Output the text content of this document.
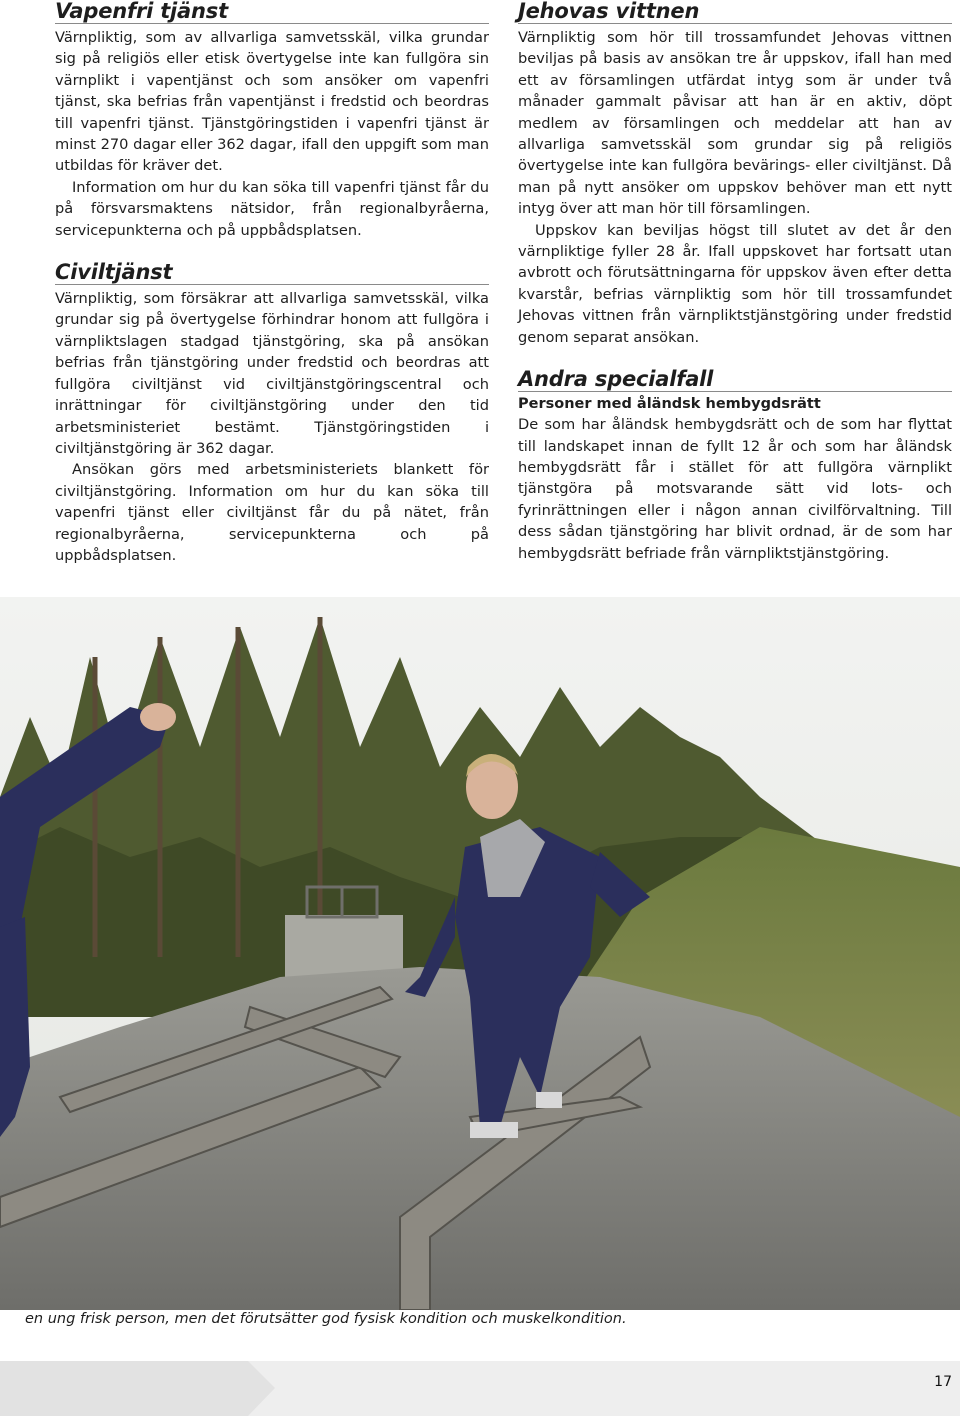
Vapenfri tjänst

Värnpliktig, som av allvarliga samvetsskäl, vilka grundar sig på religiös eller etisk övertygelse inte kan fullgöra sin värnplikt i vapentjänst och som ansöker om vapenfri tjänst, ska befrias från vapentjänst i fredstid och beordras till vapenfri tjänst. Tjänstgöringstiden i vapenfri tjänst är minst 270 dagar eller 362 dagar, ifall den uppgift som man utbildas för kräver det.

Information om hur du kan söka till vapenfri tjänst får du på försvarsmaktens nätsidor, från regionalbyråerna, servicepunkterna och på uppbådsplatsen.

Civiltjänst

Värnpliktig, som försäkrar att allvarliga samvetsskäl, vilka grundar sig på övertygelse förhindrar honom att fullgöra i värnpliktslagen stadgad tjänstgöring, ska på ansökan befrias från tjänstgöring under fredstid och beordras att fullgöra civiltjänst vid civiltjänstgöringscentral och inrättningar för civiltjänstgöring under den tid arbetsministeriet bestämt. Tjänstgöringstiden i civiltjänstgöring är 362 dagar.

Ansökan görs med arbetsministeriets blankett för civiltjänstgöring. Information om hur du kan söka till vapenfri tjänst eller civiltjänst får du på nätet, från regionalbyråerna, servicepunkterna och på uppbådsplatsen.

Jehovas vittnen

Värnpliktig som hör till trossamfundet Jehovas vittnen beviljas på basis av ansökan tre år uppskov, ifall han med ett av församlingen utfärdat intyg som är under två månader gammalt påvisar att han är en aktiv, döpt medlem av församlingen och meddelar att han av allvarliga samvetsskäl som grundar sig på religiös övertygelse inte kan fullgöra bevärings- eller civiltjänst. Då man på nytt ansöker om uppskov behöver man ett nytt intyg över att man hör till församlingen.

Uppskov kan beviljas högst till slutet av det år den värnpliktige fyller 28 år. Ifall uppskovet har fortsatt utan avbrott och förutsättningarna för uppskov även efter detta kvarstår, befrias värnpliktig som hör till trossamfundet Jehovas vittnen från värnpliktstjänstgöring under fredstid genom separat ansökan.

Andra specialfall
Personer med åländsk hembygdsrätt

De som har åländsk hembygdsrätt och de som har flyttat till landskapet innan de fyllt 12 år och som har åländsk hembygdsrätt får i stället för att fullgöra värnplikt tjänstgöra på motsvarande sätt vid lots- och fyrinrättningen eller i någon annan civilförvaltning. Till dess sådan tjänstgöring har blivit ordnad, är de som har hembygdsrätt befriade från värnpliktstjänstgöring.

en ung frisk person, men det förutsätter god fysisk kondition och muskelkondition.
17
